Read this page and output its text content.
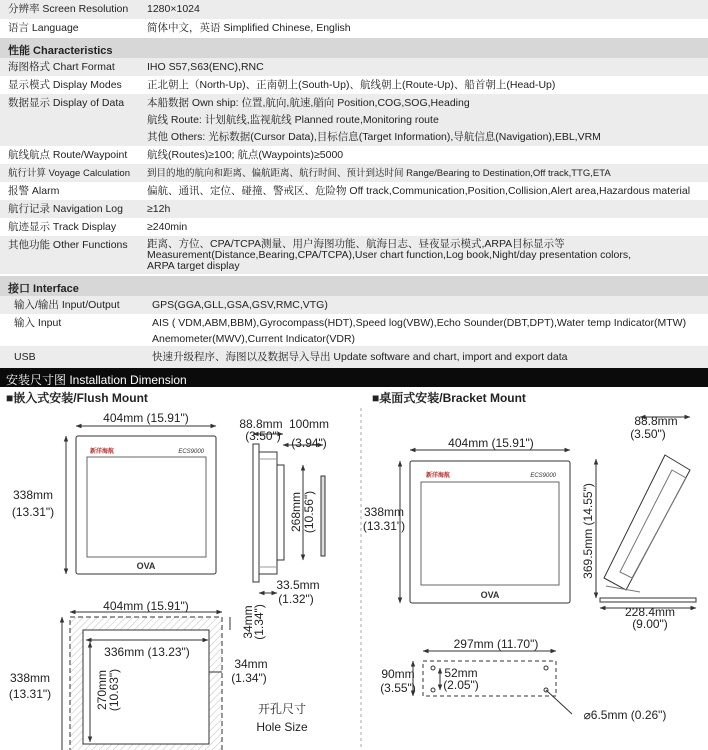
分辨率 Screen Resolution 1280×1024
语言 Language	简体中文，英语 Simplified Chinese, English
性能 Characteristics
海图格式 Chart Format	IHO S57,S63(ENC),RNC
显示模式 Display Modes 正北朝上（North-Up)、正南朝上(South-Up)、航线朝上(Route-Up)、船首朝上(Head-Up)
数据显示 Display of Data 本船数据 Own ship: 位置,航向,航速,艏向 Position,COG,SOG,Heading
航线 Route: 计划航线,监视航线 Planned route,Monitoring route
其他 Others: 光标数据(Cursor Data),目标信息(Target Information),导航信息(Navigation),EBL,VRM
航线航点 Route/Waypoint 航线(Routes)≥100; 航点(Waypoints)≥5000
航行计算 Voyage Calculation 到目的地的航向和距离、偏航距离、航行时间、预计到达时间 Range/Bearing to Destination,Off track,TTG,ETA
报警 Alarm	偏航、通讯、定位、碰撞、警戒区、危险物 Off track,Communication,Position,Collision,Alert area,Hazardous material
航行记录 Navigation Log ≥12h
航迹显示 Track Display	≥240min
其他功能 Other Functions 距离、方位、CPA/TCPA测量、用户海图功能、航海日志、昼夜显示模式,ARPA目标显示等
Measurement(Distance,Bearing,CPA/TCPA),User chart function,Log book,Night/day presentation colors,
ARPA target display
接口 Interface
输入/输出 Input/Output	GPS(GGA,GLL,GSA,GSV,RMC,VTG)
输入 Input	AIS ( VDM,ABM,BBM),Gyrocompass(HDT),Speed log(VBW),Echo Sounder(DBT,DPT),Water temp Indicator(MTW)
Anemometer(MWV),Current Indicator(VDR)
USB	快速升级程序、海图以及数据导入导出 Update software and chart, import and export data
安装尺寸图 Installation Dimension
■嵌入式安装/Flush Mount	■桌面式安装/Bracket Mount
404mm (15.91")
新洋海航	ECS9000
OVA
338mm
(13.31")
88.8mm
(3.50")
100mm
(3.94")
268mm (10.56")
33.5mm
(1.32")
404mm (15.91")
336mm (13.23")
270mm
(10.63")
34mm
(1.34")
34mm
(1.34")
338mm
(13.31")
开孔尺寸
Hole Size
404mm (15.91")
新洋海航	ECS9000
OVA
338mm
(13.31")
88.8mm
(3.50")
369.5mm (14.55")
228.4mm
(9.00")
297mm (11.70")
90mm
(3.55")
52mm
(2.05")
⌀6.5mm (0.26")
